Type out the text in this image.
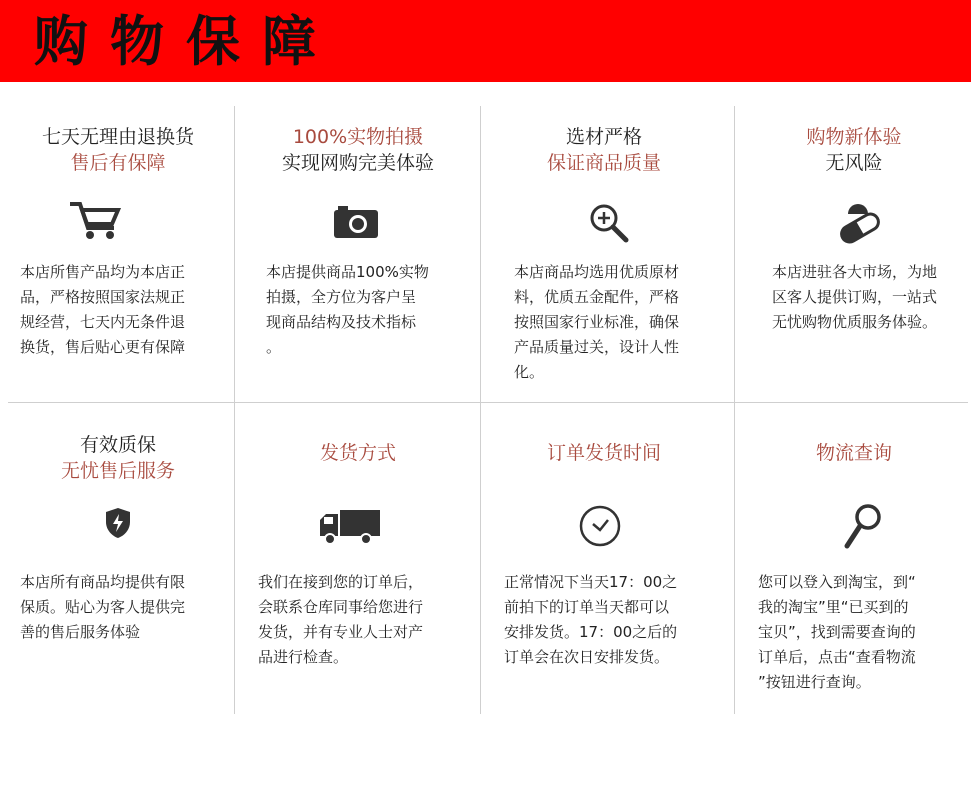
购物保障
七天无理由退换货
售后有保障
本店所售产品均为本店正
品，严格按照国家法规正
规经营，七天内无条件退
换货，售后贴心更有保障
100%实物拍摄
实现网购完美体验
本店提供商品100%实物
拍摄，全方位为客户呈
现商品结构及技术指标
。
选材严格
保证商品质量
本店商品均选用优质原材
料，优质五金配件，严格
按照国家行业标准，确保
产品质量过关，设计人性
化。
购物新体验
无风险
本店进驻各大市场，为地
区客人提供订购，一站式
无忧购物优质服务体验。
有效质保
无忧售后服务
本店所有商品均提供有限
保质。贴心为客人提供完
善的售后服务体验
发货方式
我们在接到您的订单后，
会联系仓库同事给您进行
发货，并有专业人士对产
品进行检查。
订单发货时间
正常情况下当天17：00之
前拍下的订单当天都可以
安排发货。17：00之后的
订单会在次日安排发货。
物流查询
您可以登入到淘宝，到“
我的淘宝”里“已买到的
宝贝”，找到需要查询的
订单后，点击“查看物流
”按钮进行查询。
